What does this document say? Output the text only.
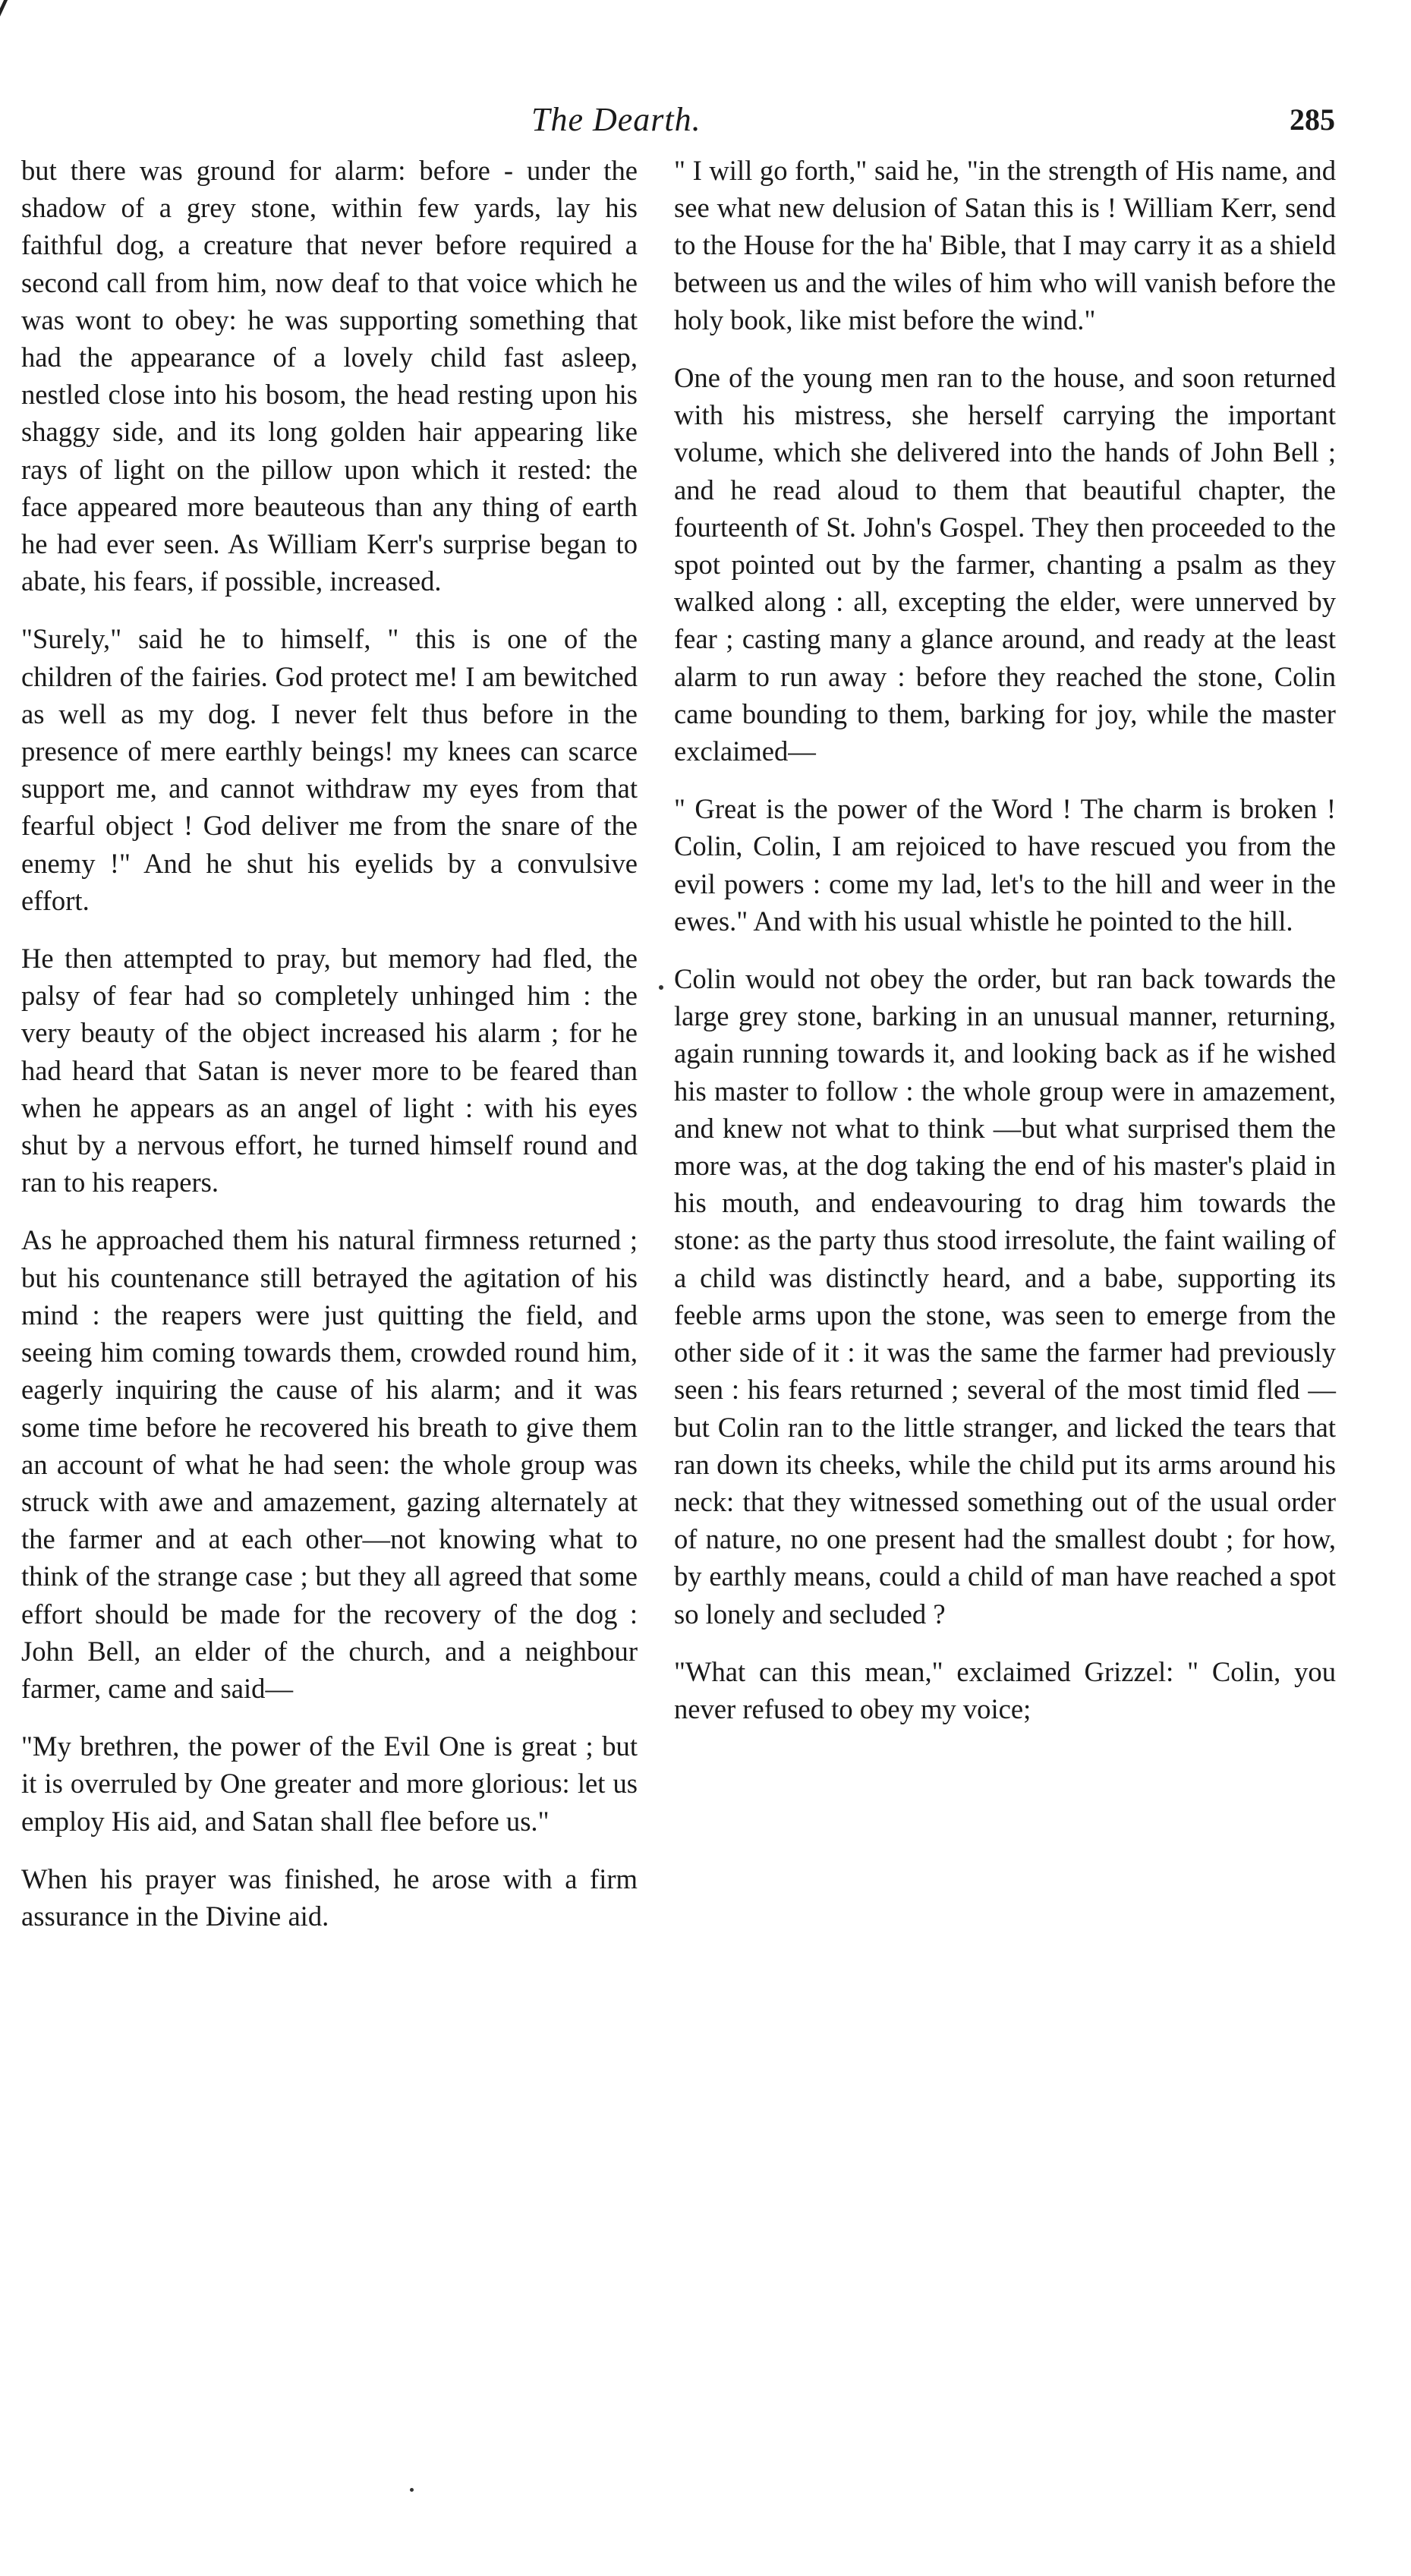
The Dearth.	285

but there was ground for alarm: before ‑ under the shadow of a grey stone, within few yards, lay his faithful dog, a creature that never before required a second call from him, now deaf to that voice which he was wont to obey: he was supporting something that had the appearance of a lovely child fast asleep, nestled close into his bosom, the head resting upon his shaggy side, and its long golden hair appearing like rays of light on the pillow upon which it rested: the face appeared more beauteous than any thing of earth he had ever seen. As William Kerr's surprise began to abate, his fears, if possible, increased.

"Surely," said he to himself, " this is one of the children of the fairies. God protect me! I am bewitched as well as my dog. I never felt thus before in the presence of mere earthly beings! my knees can scarce support me, and cannot withdraw my eyes from that fearful object ! God deliver me from the snare of the enemy !" And he shut his eyelids by a convulsive effort.

He then attempted to pray, but memory had fled, the palsy of fear had so completely unhinged him : the very beauty of the object increased his alarm ; for he had heard that Satan is never more to be feared than when he appears as an angel of light : with his eyes shut by a nervous effort, he turned himself round and ran to his reapers.

As he approached them his natural firmness returned ; but his countenance still betrayed the agitation of his mind : the reapers were just quitting the field, and seeing him coming towards them, crowded round him, eagerly inquiring the cause of his alarm; and it was some time before he recovered his breath to give them an account of what he had seen: the whole group was struck with awe and amazement, gazing alternately at the farmer and at each other—not knowing what to think of the strange case ; but they all agreed that some effort should be made for the recovery of the dog : John Bell, an elder of the church, and a neighbour farmer, came and said—

"My brethren, the power of the Evil One is great ; but it is overruled by One greater and more glorious: let us employ His aid, and Satan shall flee before us."

When his prayer was finished, he arose with a firm assurance in the Divine aid.

" I will go forth," said he, "in the strength of His name, and see what new delusion of Satan this is ! William Kerr, send to the House for the ha' Bible, that I may carry it as a shield between us and the wiles of him who will vanish before the holy book, like mist before the wind."

One of the young men ran to the house, and soon returned with his mistress, she herself carrying the important volume, which she delivered into the hands of John Bell ; and he read aloud to them that beautiful chapter, the fourteenth of St. John's Gospel. They then proceeded to the spot pointed out by the farmer, chanting a psalm as they walked along : all, excepting the elder, were unnerved by fear ; casting many a glance around, and ready at the least alarm to run away : before they reached the stone, Colin came bounding to them, barking for joy, while the master exclaimed—

" Great is the power of the Word ! The charm is broken ! Colin, Colin, I am rejoiced to have rescued you from the evil powers : come my lad, let's to the hill and weer in the ewes." And with his usual whistle he pointed to the hill.

Colin would not obey the order, but ran back towards the large grey stone, barking in an unusual manner, returning, again running towards it, and looking back as if he wished his master to follow : the whole group were in amazement, and knew not what to think —but what surprised them the more was, at the dog taking the end of his master's plaid in his mouth, and endeavouring to drag him towards the stone: as the party thus stood irresolute, the faint wailing of a child was distinctly heard, and a babe, supporting its feeble arms upon the stone, was seen to emerge from the other side of it : it was the same the farmer had previously seen : his fears returned ; several of the most timid fled —but Colin ran to the little stranger, and licked the tears that ran down its cheeks, while the child put its arms around his neck: that they witnessed something out of the usual order of nature, no one present had the smallest doubt ; for how, by earthly means, could a child of man have reached a spot so lonely and secluded ?

"What can this mean," exclaimed Grizzel: " Colin, you never refused to obey my voice;
